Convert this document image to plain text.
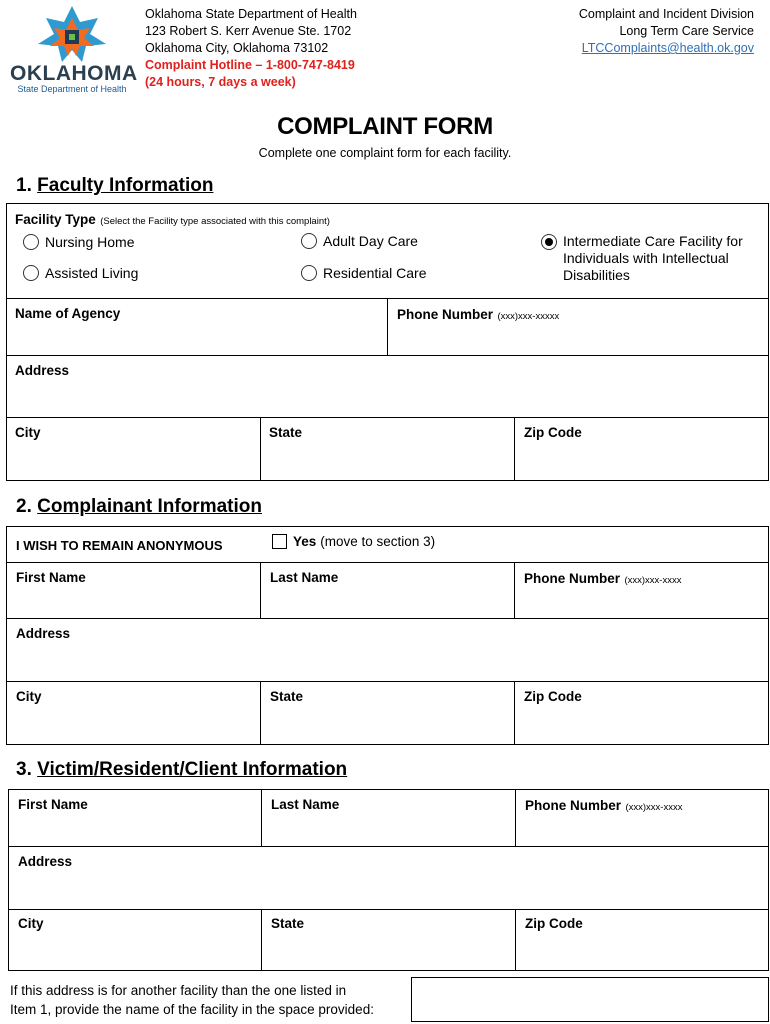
OKLAHOMA
State Department of Health
Oklahoma State Department of Health
123 Robert S. Kerr Avenue Ste. 1702
Oklahoma City, Oklahoma 73102
Complaint Hotline – 1-800-747-8419
(24 hours, 7 days a week)
Complaint and Incident Division
Long Term Care Service
LTCComplaints@health.ok.gov
COMPLAINT FORM
Complete one complaint form for each facility.
1. Faculty Information
Facility Type (Select the Facility type associated with this complaint)
Nursing Home	Adult Day Care	Intermediate Care Facility for Individuals with Intellectual Disabilities
Assisted Living	Residential Care
Name of Agency	Phone Number (xxx)xxx-xxxxx
Address
City	State	Zip Code
2. Complainant Information
I WISH TO REMAIN ANONYMOUS	Yes (move to section 3)
First Name	Last Name	Phone Number (xxx)xxx-xxxx
Address
City	State	Zip Code
3. Victim/Resident/Client Information
First Name	Last Name	Phone Number (xxx)xxx-xxxx
Address
City	State	Zip Code
If this address is for another facility than the one listed in
Item 1, provide the name of the facility in the space provided:
